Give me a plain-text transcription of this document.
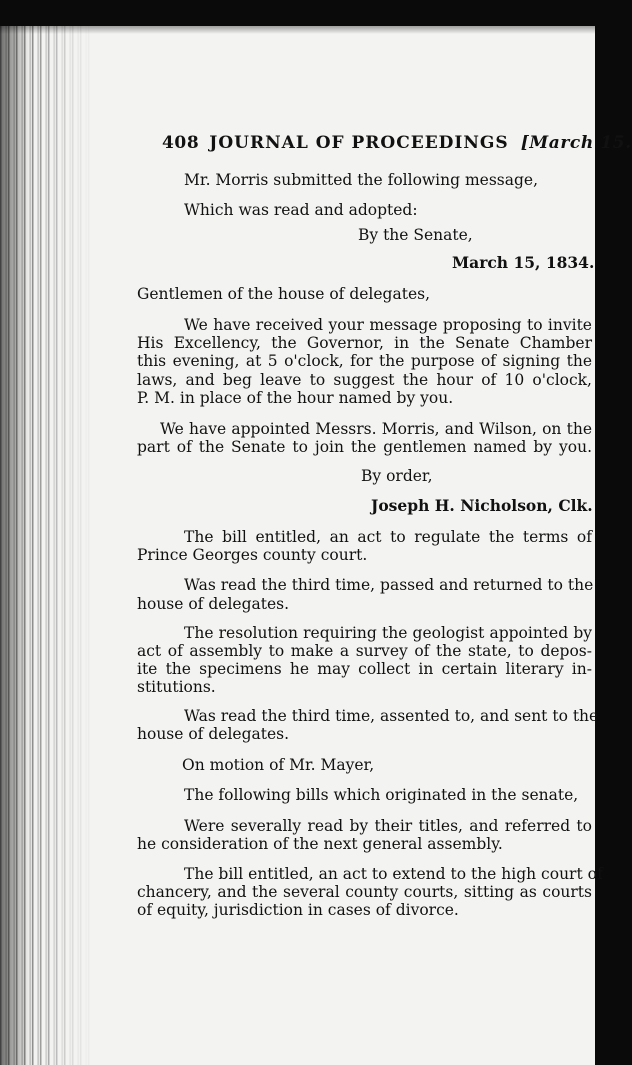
408 JOURNAL OF PROCEEDINGS [March 15.

Mr. Morris submitted the following message,

Which was read and adopted:

By the Senate,

March 15, 1834.

Gentlemen of the house of delegates,

We have received your message proposing to invite

His Excellency, the Governor, in the Senate Chamber

this evening, at 5 o'clock, for the purpose of signing the

laws, and beg leave to suggest the hour of 10 o'clock,

P. M. in place of the hour named by you.

We have appointed Messrs. Morris, and Wilson, on the

part of the Senate to join the gentlemen named by you.

By order,

Joseph H. Nicholson, Clk.

The bill entitled, an act to regulate the terms of

Prince Georges county court.

Was read the third time, passed and returned to the

house of delegates.

The resolution requiring the geologist appointed by

act of assembly to make a survey of the state, to depos-

ite the specimens he may collect in certain literary in-

stitutions.

Was read the third time, assented to, and sent to the

house of delegates.

On motion of Mr. Mayer,

The following bills which originated in the senate,

Were severally read by their titles, and referred to

he consideration of the next general assembly.

The bill entitled, an act to extend to the high court of

chancery, and the several county courts, sitting as courts

of equity, jurisdiction in cases of divorce.
